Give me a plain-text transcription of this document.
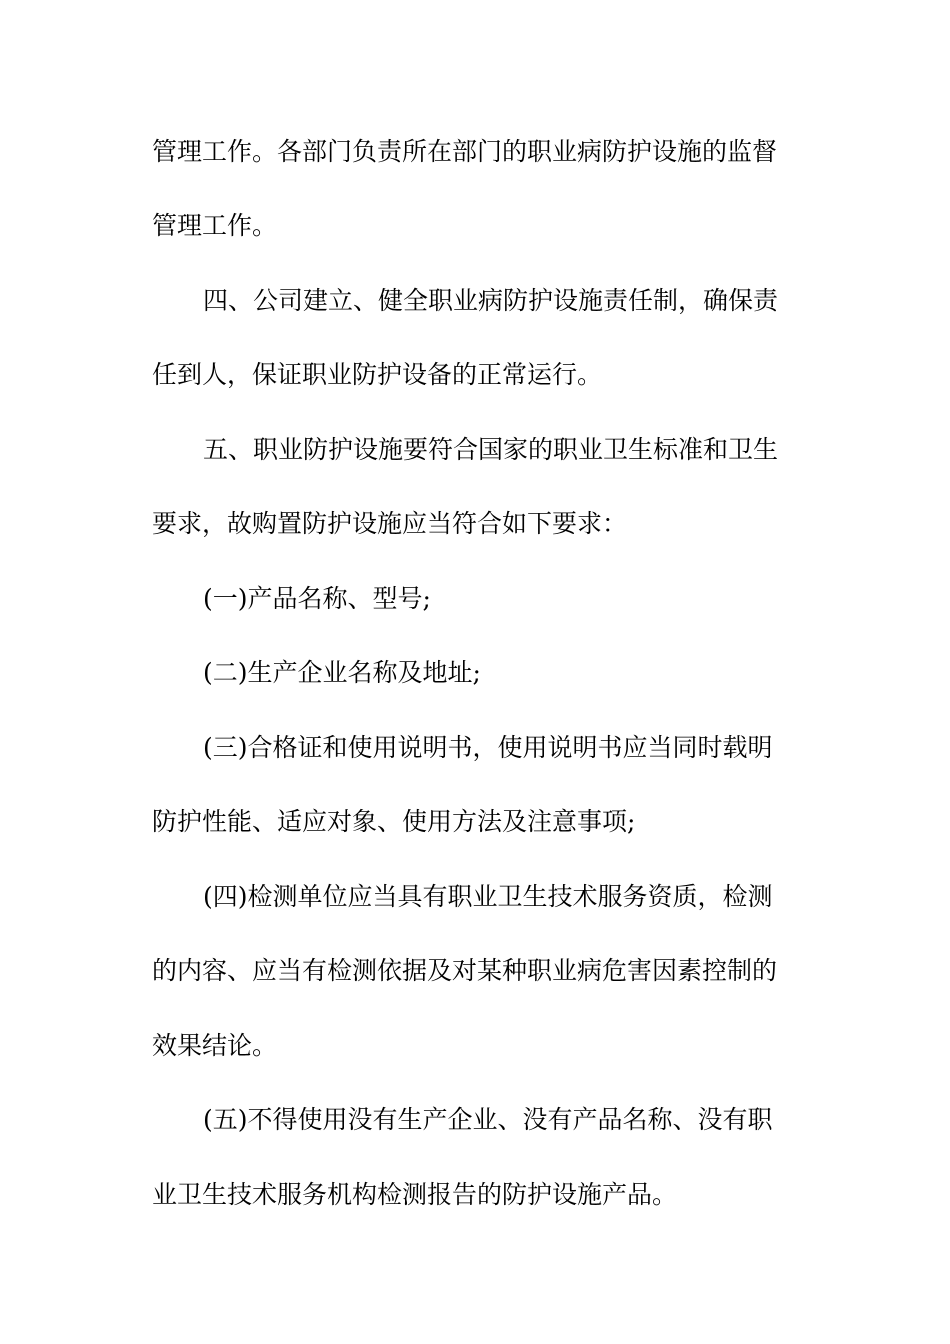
管理工作。各部门负责所在部门的职业病防护设施的监督
管理工作。
四、公司建立、健全职业病防护设施责任制，确保责
任到人，保证职业防护设备的正常运行。
五、职业防护设施要符合国家的职业卫生标准和卫生
要求，故购置防护设施应当符合如下要求：
(一)产品名称、型号;
(二)生产企业名称及地址;
(三)合格证和使用说明书，使用说明书应当同时载明
防护性能、适应对象、使用方法及注意事项;
(四)检测单位应当具有职业卫生技术服务资质，检测
的内容、应当有检测依据及对某种职业病危害因素控制的
效果结论。
(五)不得使用没有生产企业、没有产品名称、没有职
业卫生技术服务机构检测报告的防护设施产品。
